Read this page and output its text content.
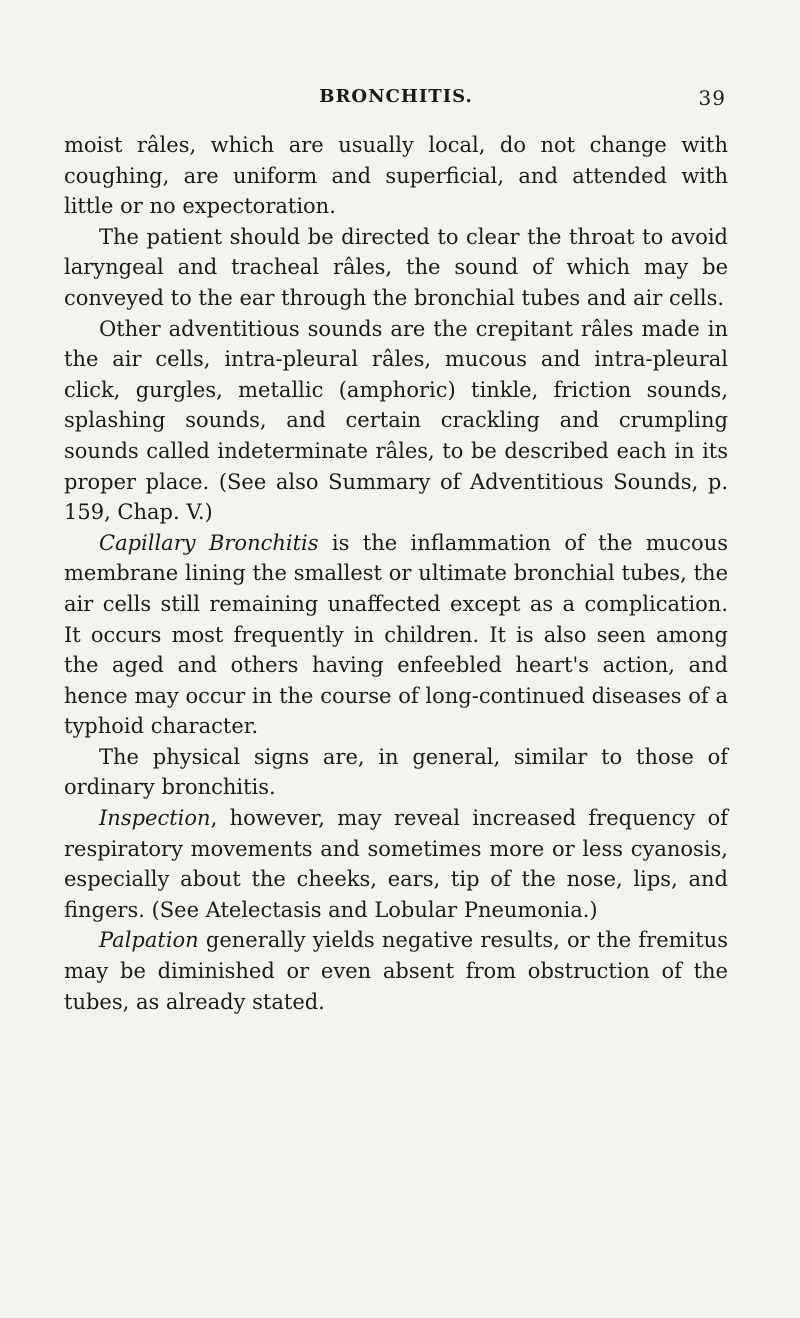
BRONCHITIS.	39

moist râles, which are usually local, do not change with coughing, are uniform and superficial, and attended with little or no expectoration.

The patient should be directed to clear the throat to avoid laryngeal and tracheal râles, the sound of which may be conveyed to the ear through the bronchial tubes and air cells.

Other adventitious sounds are the crepitant râles made in the air cells, intra-pleural râles, mucous and intra-pleural click, gurgles, metallic (amphoric) tinkle, friction sounds, splashing sounds, and certain crackling and crumpling sounds called indeterminate râles, to be described each in its proper place. (See also Summary of Adventitious Sounds, p. 159, Chap. V.)

Capillary Bronchitis is the inflammation of the mucous membrane lining the smallest or ultimate bronchial tubes, the air cells still remaining unaffected except as a complication. It occurs most frequently in children. It is also seen among the aged and others having enfeebled heart's action, and hence may occur in the course of long-continued diseases of a typhoid character.

The physical signs are, in general, similar to those of ordinary bronchitis.

Inspection, however, may reveal increased frequency of respiratory movements and sometimes more or less cyanosis, especially about the cheeks, ears, tip of the nose, lips, and fingers. (See Atelectasis and Lobular Pneumonia.)

Palpation generally yields negative results, or the fremitus may be diminished or even absent from obstruction of the tubes, as already stated.
